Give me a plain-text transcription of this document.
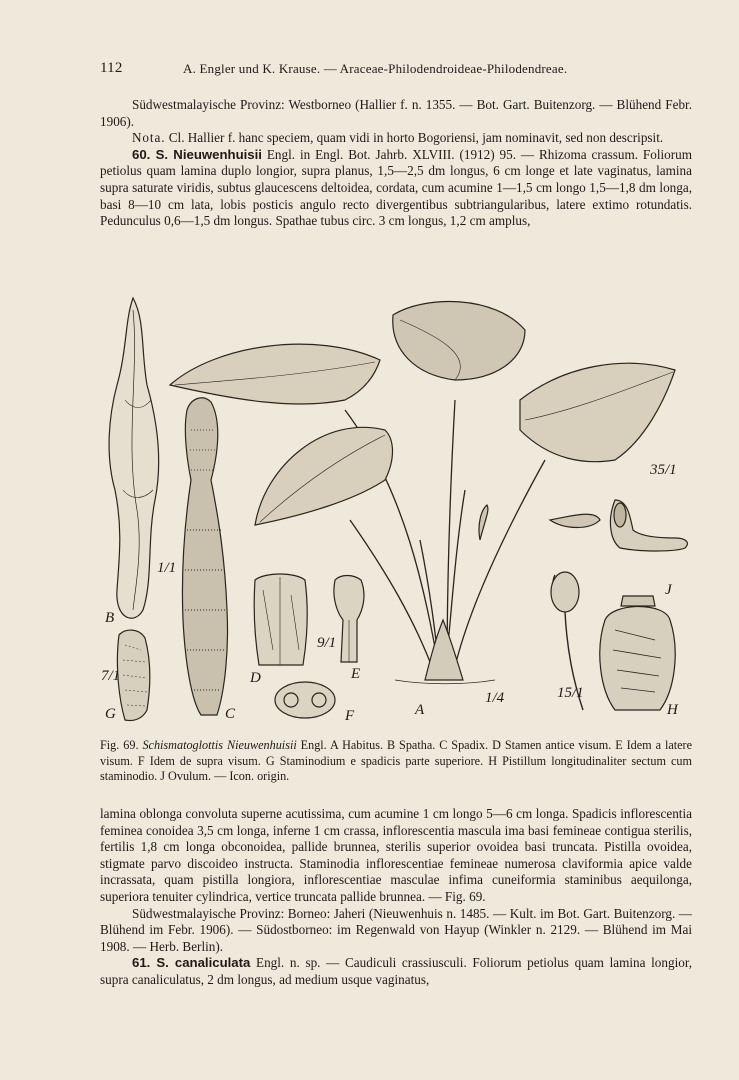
112	A. Engler und K. Krause. — Araceae-Philodendroideae-Philodendreae.

Südwestmalayische Provinz: Westborneo (Hallier f. n. 1355. — Bot. Gart. Buitenzorg. — Blühend Febr. 1906).

Nota. Cl. Hallier f. hanc speciem, quam vidi in horto Bogoriensi, jam nominavit, sed non descripsit.

60. S. Nieuwenhuisii Engl. in Engl. Bot. Jahrb. XLVIII. (1912) 95. — Rhizoma crassum. Foliorum petiolus quam lamina duplo longior, supra planus, 1,5—2,5 dm longus, 6 cm longe et late vaginatus, lamina supra saturate viridis, subtus glaucescens deltoidea, cordata, cum acumine 1—1,5 cm longo 1,5—1,8 dm longa, basi 8—10 cm lata, lobis posticis angulo recto divergentibus subtriangularibus, latere extimo rotundatis. Pedunculus 0,6—1,5 dm longus. Spathae tubus circ. 3 cm longus, 1,2 cm amplus,

B
1/1
7/1
G	C
D
9/1
E
F	A
1/4
35/1
J
15/1
H
Fig. 69. Schismatoglottis Nieuwenhuisii Engl. A Habitus. B Spatha. C Spadix. D Stamen antice visum. E Idem a latere visum. F Idem de supra visum. G Staminodium e spadicis parte superiore. H Pistillum longitudinaliter sectum cum staminodio. J Ovulum. — Icon. origin.

lamina oblonga convoluta superne acutissima, cum acumine 1 cm longo 5—6 cm longa. Spadicis inflorescentia feminea conoidea 3,5 cm longa, inferne 1 cm crassa, inflorescentia mascula ima basi femineae contigua sterilis, fertilis 1,8 cm longa obconoidea, pallide brunnea, sterilis superior ovoidea basi truncata. Pistilla ovoidea, stigmate parvo discoideo instructa. Staminodia inflorescentiae femineae numerosa claviformia apice valde incrassata, quam pistilla longiora, inflorescentiae masculae infima cuneiformia staminibus aequilonga, superiora tenuiter cylindrica, vertice truncata pallide brunnea. — Fig. 69.

Südwestmalayische Provinz: Borneo: Jaheri (Nieuwenhuis n. 1485. — Kult. im Bot. Gart. Buitenzorg. — Blühend im Febr. 1906). — Südostborneo: im Regenwald von Hayup (Winkler n. 2129. — Blühend im Mai 1908. — Herb. Berlin).

61. S. canaliculata Engl. n. sp. — Caudiculi crassiusculi. Foliorum petiolus quam lamina longior, supra canaliculatus, 2 dm longus, ad medium usque vaginatus,
